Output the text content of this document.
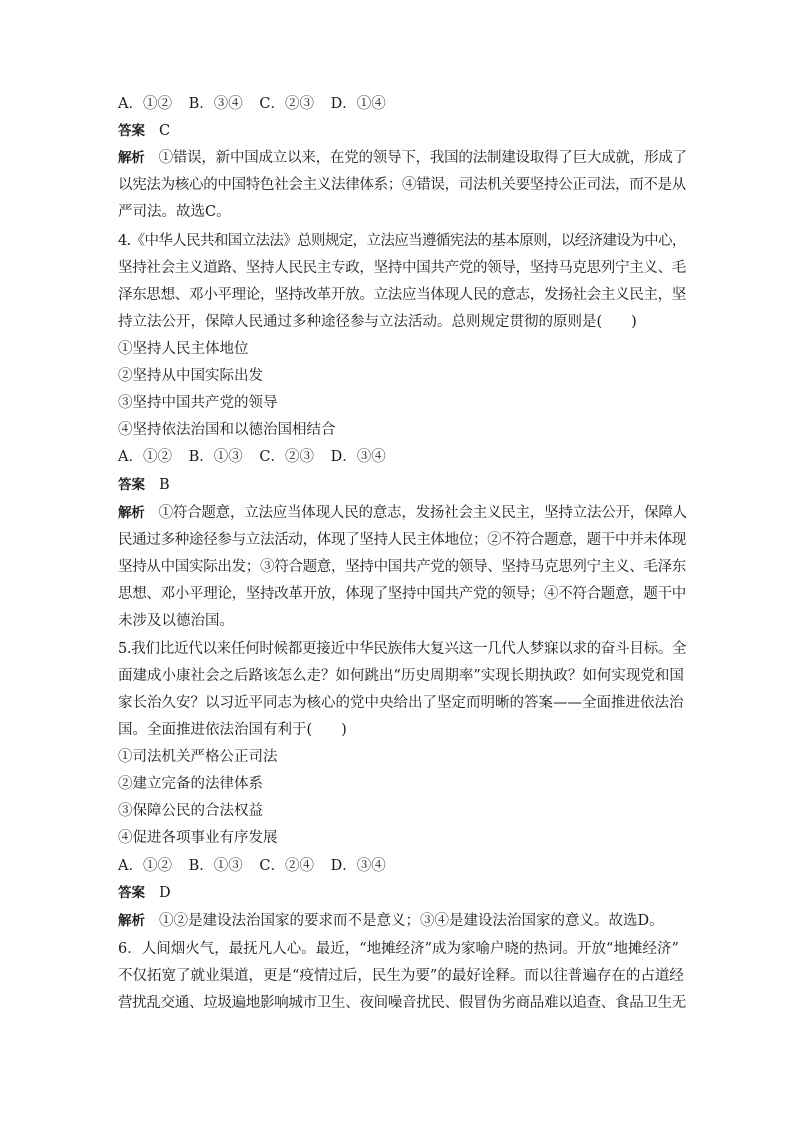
A．①② B．③④ C．②③ D．①④
答案 C
解析 ①错误，新中国成立以来，在党的领导下，我国的法制建设取得了巨大成就，形成了
以宪法为核心的中国特色社会主义法律体系；④错误，司法机关要坚持公正司法，而不是从
严司法。故选C。
4.《中华人民共和国立法法》总则规定，立法应当遵循宪法的基本原则，以经济建设为中心，
坚持社会主义道路、坚持人民民主专政，坚持中国共产党的领导，坚持马克思列宁主义、毛
泽东思想、邓小平理论，坚持改革开放。立法应当体现人民的意志，发扬社会主义民主，坚
持立法公开，保障人民通过多种途径参与立法活动。总则规定贯彻的原则是(　　)
①坚持人民主体地位
②坚持从中国实际出发
③坚持中国共产党的领导
④坚持依法治国和以德治国相结合
A．①② B．①③ C．②③ D．③④
答案 B
解析 ①符合题意，立法应当体现人民的意志，发扬社会主义民主，坚持立法公开，保障人
民通过多种途径参与立法活动，体现了坚持人民主体地位；②不符合题意，题干中并未体现
坚持从中国实际出发；③符合题意，坚持中国共产党的领导、坚持马克思列宁主义、毛泽东
思想、邓小平理论，坚持改革开放，体现了坚持中国共产党的领导；④不符合题意，题干中
未涉及以德治国。
5.我们比近代以来任何时候都更接近中华民族伟大复兴这一几代人梦寐以求的奋斗目标。全
面建成小康社会之后路该怎么走？如何跳出“历史周期率”实现长期执政？如何实现党和国
家长治久安？以习近平同志为核心的党中央给出了坚定而明晰的答案——全面推进依法治
国。全面推进依法治国有利于(　　)
①司法机关严格公正司法
②建立完备的法律体系
③保障公民的合法权益
④促进各项事业有序发展
A．①② B．①③ C．②④ D．③④
答案 D
解析 ①②是建设法治国家的要求而不是意义；③④是建设法治国家的意义。故选D。
6．人间烟火气，最抚凡人心。最近，“地摊经济”成为家喻户晓的热词。开放“地摊经济”
不仅拓宽了就业渠道，更是“疫情过后，民生为要”的最好诠释。而以往普遍存在的占道经
营扰乱交通、垃圾遍地影响城市卫生、夜间噪音扰民、假冒伪劣商品难以追查、食品卫生无
